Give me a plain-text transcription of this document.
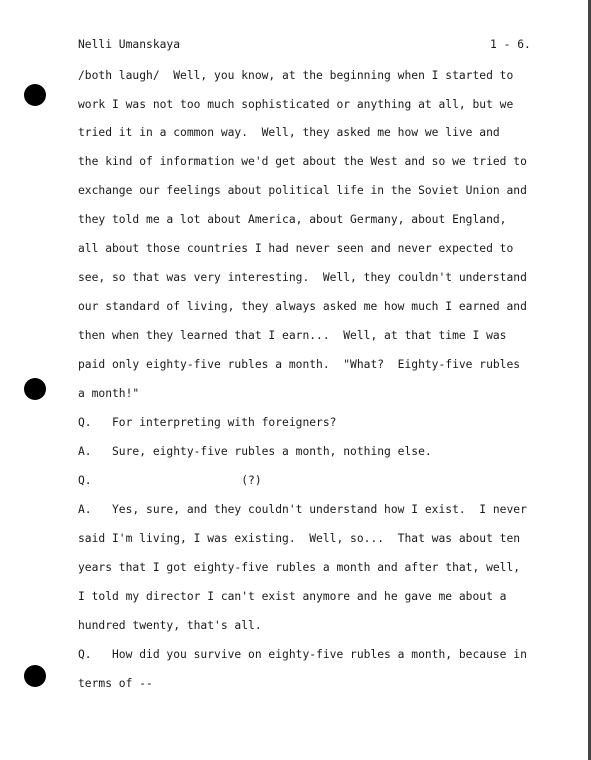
Nelli Umanskaya	1 - 6.
/both laugh/  Well, you know, at the beginning when I started to
work I was not too much sophisticated or anything at all, but we
tried it in a common way.  Well, they asked me how we live and
the kind of information we'd get about the West and so we tried to
exchange our feelings about political life in the Soviet Union and
they told me a lot about America, about Germany, about England,
all about those countries I had never seen and never expected to
see, so that was very interesting.  Well, they couldn't understand
our standard of living, they always asked me how much I earned and
then when they learned that I earn...  Well, at that time I was
paid only eighty-five rubles a month.  "What?  Eighty-five rubles
a month!"
Q.   For interpreting with foreigners?
A.   Sure, eighty-five rubles a month, nothing else.
Q.                      (?)
A.   Yes, sure, and they couldn't understand how I exist.  I never
said I'm living, I was existing.  Well, so...  That was about ten
years that I got eighty-five rubles a month and after that, well,
I told my director I can't exist anymore and he gave me about a
hundred twenty, that's all.
Q.   How did you survive on eighty-five rubles a month, because in
terms of --
